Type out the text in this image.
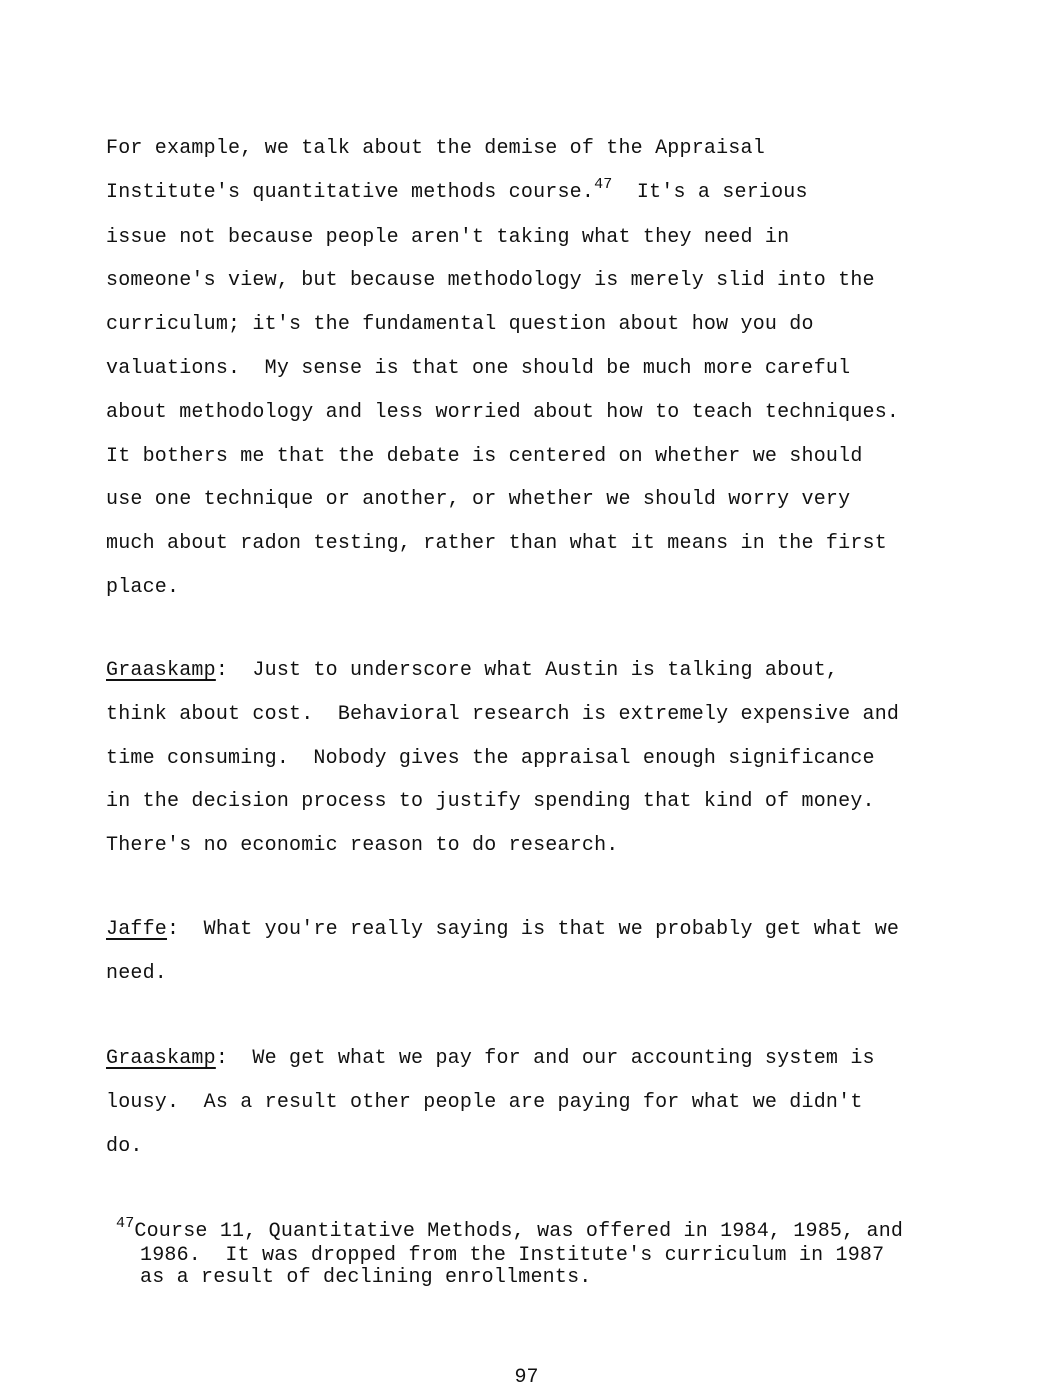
For example, we talk about the demise of the Appraisal
Institute's quantitative methods course.$^{47}$  It's a serious
issue not because people aren't taking what they need in
someone's view, but because methodology is merely slid into the
curriculum; it's the fundamental question about how you do
valuations.  My sense is that one should be much more careful
about methodology and less worried about how to teach techniques.
It bothers me that the debate is centered on whether we should
use one technique or another, or whether we should worry very
much about radon testing, rather than what it means in the first
place.
Graaskamp:  Just to underscore what Austin is talking about,
think about cost.  Behavioral research is extremely expensive and
time consuming.  Nobody gives the appraisal enough significance
in the decision process to justify spending that kind of money.
There's no economic reason to do research.
Jaffe:  What you're really saying is that we probably get what we
need.
Graaskamp:  We get what we pay for and our accounting system is
lousy.  As a result other people are paying for what we didn't
do.
$^{47}$Course 11, Quantitative Methods, was offered in 1984, 1985, and
1986.  It was dropped from the Institute's curriculum in 1987
as a result of declining enrollments.
97
